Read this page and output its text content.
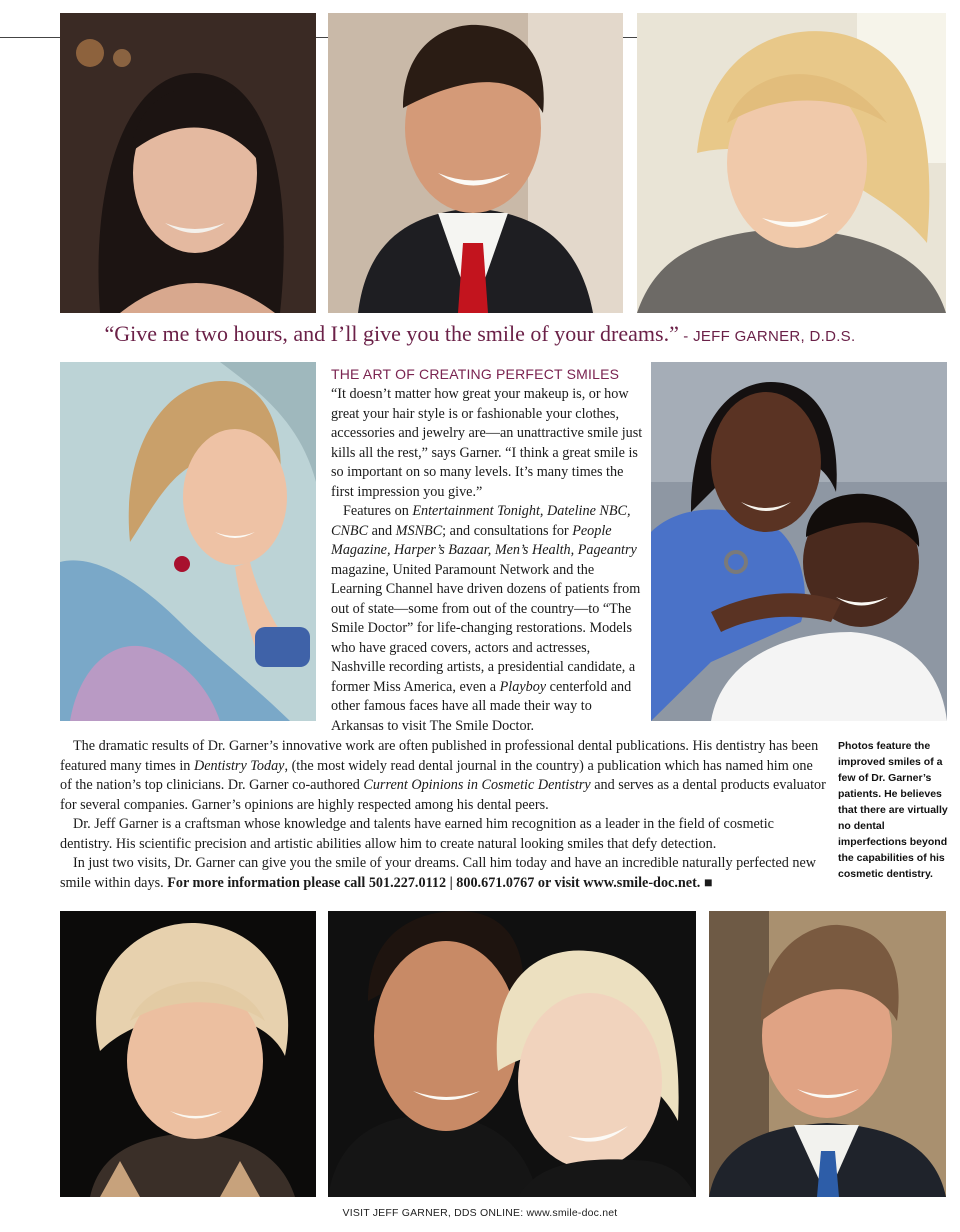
“Give me two hours, and I’ll give you the smile of your dreams.” - JEFF GARNER, D.D.S.
THE ART OF CREATING PERFECT SMILES

“It doesn’t matter how great your makeup is, or how great your hair style is or fashionable your clothes, accessories and jewelry are—an unattractive smile just kills all the rest,” says Garner. “I think a great smile is so important on so many levels. It’s many times the first impression you give.”

Features on Entertainment Tonight, Dateline NBC, CNBC and MSNBC; and consultations for People Magazine, Harper’s Bazaar, Men’s Health, Pageantry magazine, United Paramount Network and the Learning Channel have driven dozens of patients from out of state—some from out of the country—to “The Smile Doctor” for life-changing restorations. Models who have graced covers, actors and actresses, Nashville recording artists, a presidential candidate, a former Miss America, even a Playboy centerfold and other famous faces have all made their way to Arkansas to visit The Smile Doctor.

The dramatic results of Dr. Garner’s innovative work are often published in professional dental publications. His dentistry has been featured many times in Dentistry Today, (the most widely read dental journal in the country) a publication which has named him one of the nation’s top clinicians. Dr. Garner co-authored Current Opinions in Cosmetic Dentistry and serves as a dental products evaluator for several companies. Garner’s opinions are highly respected among his dental peers.

Dr. Jeff Garner is a craftsman whose knowledge and talents have earned him recognition as a leader in the field of cosmetic dentistry. His scientific precision and artistic abilities allow him to create natural looking smiles that defy detection.

In just two visits, Dr. Garner can give you the smile of your dreams. Call him today and have an incredible naturally perfected new smile within days. For more information please call 501.227.0112 | 800.671.0767 or visit www.smile-doc.net. ■

Photos feature the improved smiles of a few of Dr. Garner’s patients. He believes that there are virtually no dental imperfections beyond the capabilities of his cosmetic dentistry.
VISIT JEFF GARNER, DDS ONLINE: www.smile-doc.net
